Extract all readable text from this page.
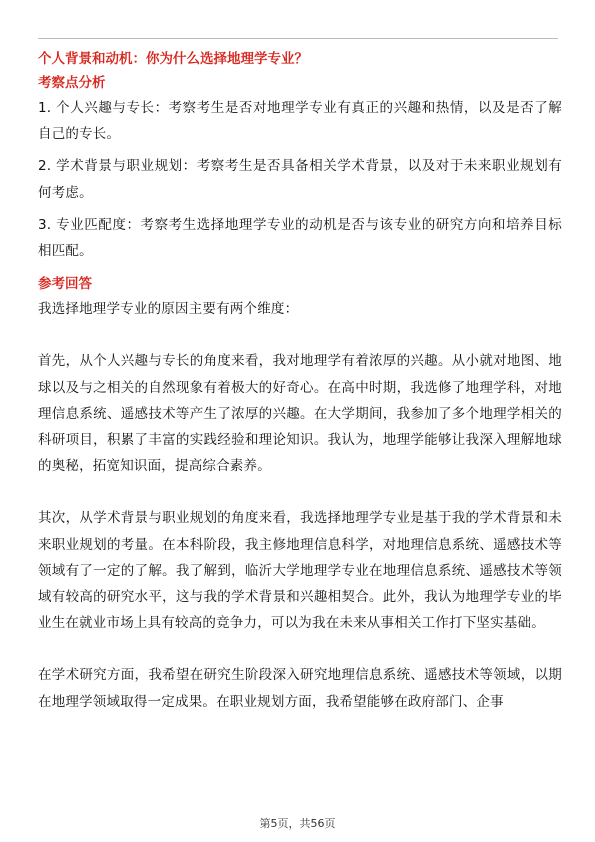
个人背景和动机：你为什么选择地理学专业？
考察点分析

1. 个人兴趣与专长：考察考生是否对地理学专业有真正的兴趣和热情，以及是否了解自己的专长。

2. 学术背景与职业规划：考察考生是否具备相关学术背景，以及对于未来职业规划有何考虑。

3. 专业匹配度：考察考生选择地理学专业的动机是否与该专业的研究方向和培养目标相匹配。

参考回答

我选择地理学专业的原因主要有两个维度：

首先，从个人兴趣与专长的角度来看，我对地理学有着浓厚的兴趣。从小就对地图、地球以及与之相关的自然现象有着极大的好奇心。在高中时期，我选修了地理学科，对地理信息系统、遥感技术等产生了浓厚的兴趣。在大学期间，我参加了多个地理学相关的科研项目，积累了丰富的实践经验和理论知识。我认为，地理学能够让我深入理解地球的奥秘，拓宽知识面，提高综合素养。

其次，从学术背景与职业规划的角度来看，我选择地理学专业是基于我的学术背景和未来职业规划的考量。在本科阶段，我主修地理信息科学，对地理信息系统、遥感技术等领域有了一定的了解。我了解到，临沂大学地理学专业在地理信息系统、遥感技术等领域有较高的研究水平，这与我的学术背景和兴趣相契合。此外，我认为地理学专业的毕业生在就业市场上具有较高的竞争力，可以为我在未来从事相关工作打下坚实基础。

在学术研究方面，我希望在研究生阶段深入研究地理信息系统、遥感技术等领域，以期在地理学领域取得一定成果。在职业规划方面，我希望能够在政府部门、企事

第5页，共56页
